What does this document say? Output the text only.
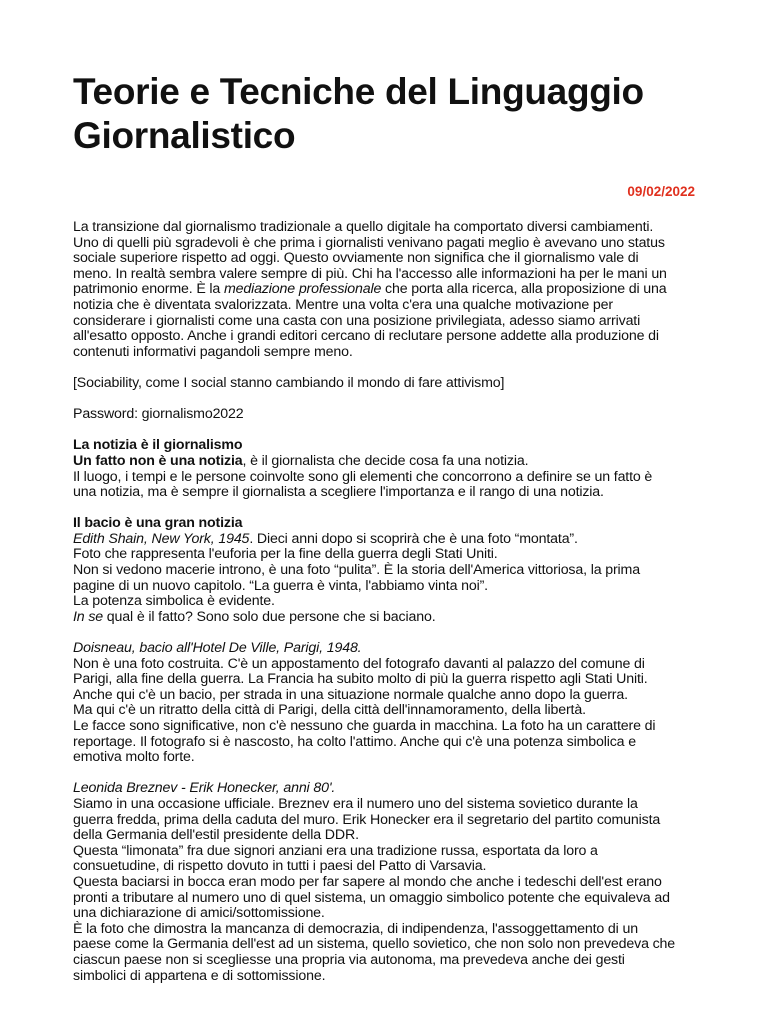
Teorie e Tecniche del Linguaggio Giornalistico
09/02/2022

La transizione dal giornalismo tradizionale a quello digitale ha comportato diversi cambiamenti.
Uno di quelli più sgradevoli è che prima i giornalisti venivano pagati meglio è avevano uno status
sociale superiore rispetto ad oggi. Questo ovviamente non significa che il giornalismo vale di
meno. In realtà sembra valere sempre di più. Chi ha l'accesso alle informazioni ha per le mani un
patrimonio enorme. È la mediazione professionale che porta alla ricerca, alla proposizione di una
notizia che è diventata svalorizzata. Mentre una volta c'era una qualche motivazione per
considerare i giornalisti come una casta con una posizione privilegiata, adesso siamo arrivati
all'esatto opposto. Anche i grandi editori cercano di reclutare persone addette alla produzione di
contenuti informativi pagandoli sempre meno.

[Sociability, come I social stanno cambiando il mondo di fare attivismo]

Password: giornalismo2022

La notizia è il giornalismo
Un fatto non è una notizia, è il giornalista che decide cosa fa una notizia.
Il luogo, i tempi e le persone coinvolte sono gli elementi che concorrono a definire se un fatto è
una notizia, ma è sempre il giornalista a scegliere l'importanza e il rango di una notizia.

Il bacio è una gran notizia
Edith Shain, New York, 1945. Dieci anni dopo si scoprirà che è una foto “montata”.
Foto che rappresenta l'euforia per la fine della guerra degli Stati Uniti.
Non si vedono macerie introno, è una foto “pulita”. È la storia dell'America vittoriosa, la prima
pagine di un nuovo capitolo. “La guerra è vinta, l'abbiamo vinta noi”.
La potenza simbolica è evidente.
In se qual è il fatto? Sono solo due persone che si baciano.

Doisneau, bacio all'Hotel De Ville, Parigi, 1948.
Non è una foto costruita. C'è un appostamento del fotografo davanti al palazzo del comune di
Parigi, alla fine della guerra. La Francia ha subito molto di più la guerra rispetto agli Stati Uniti.
Anche qui c'è un bacio, per strada in una situazione normale qualche anno dopo la guerra.
Ma qui c'è un ritratto della città di Parigi, della città dell'innamoramento, della libertà.
Le facce sono significative, non c'è nessuno che guarda in macchina. La foto ha un carattere di
reportage. Il fotografo si è nascosto, ha colto l'attimo. Anche qui c'è una potenza simbolica e
emotiva molto forte.

Leonida Breznev - Erik Honecker, anni 80'.
Siamo in una occasione ufficiale. Breznev era il numero uno del sistema sovietico durante la
guerra fredda, prima della caduta del muro. Erik Honecker era il segretario del partito comunista
della Germania dell'estil presidente della DDR.
Questa “limonata” fra due signori anziani era una tradizione russa, esportata da loro a
consuetudine, di rispetto dovuto in tutti i paesi del Patto di Varsavia.
Questa baciarsi in bocca eran modo per far sapere al mondo che anche i tedeschi dell'est erano
pronti a tributare al numero uno di quel sistema, un omaggio simbolico potente che equivaleva ad
una dichiarazione di amici/sottomissione.
È la foto che dimostra la mancanza di democrazia, di indipendenza, l'assoggettamento di un
paese come la Germania dell'est ad un sistema, quello sovietico, che non solo non prevedeva che
ciascun paese non si scegliesse una propria via autonoma, ma prevedeva anche dei gesti
simbolici di appartena e di sottomissione.
